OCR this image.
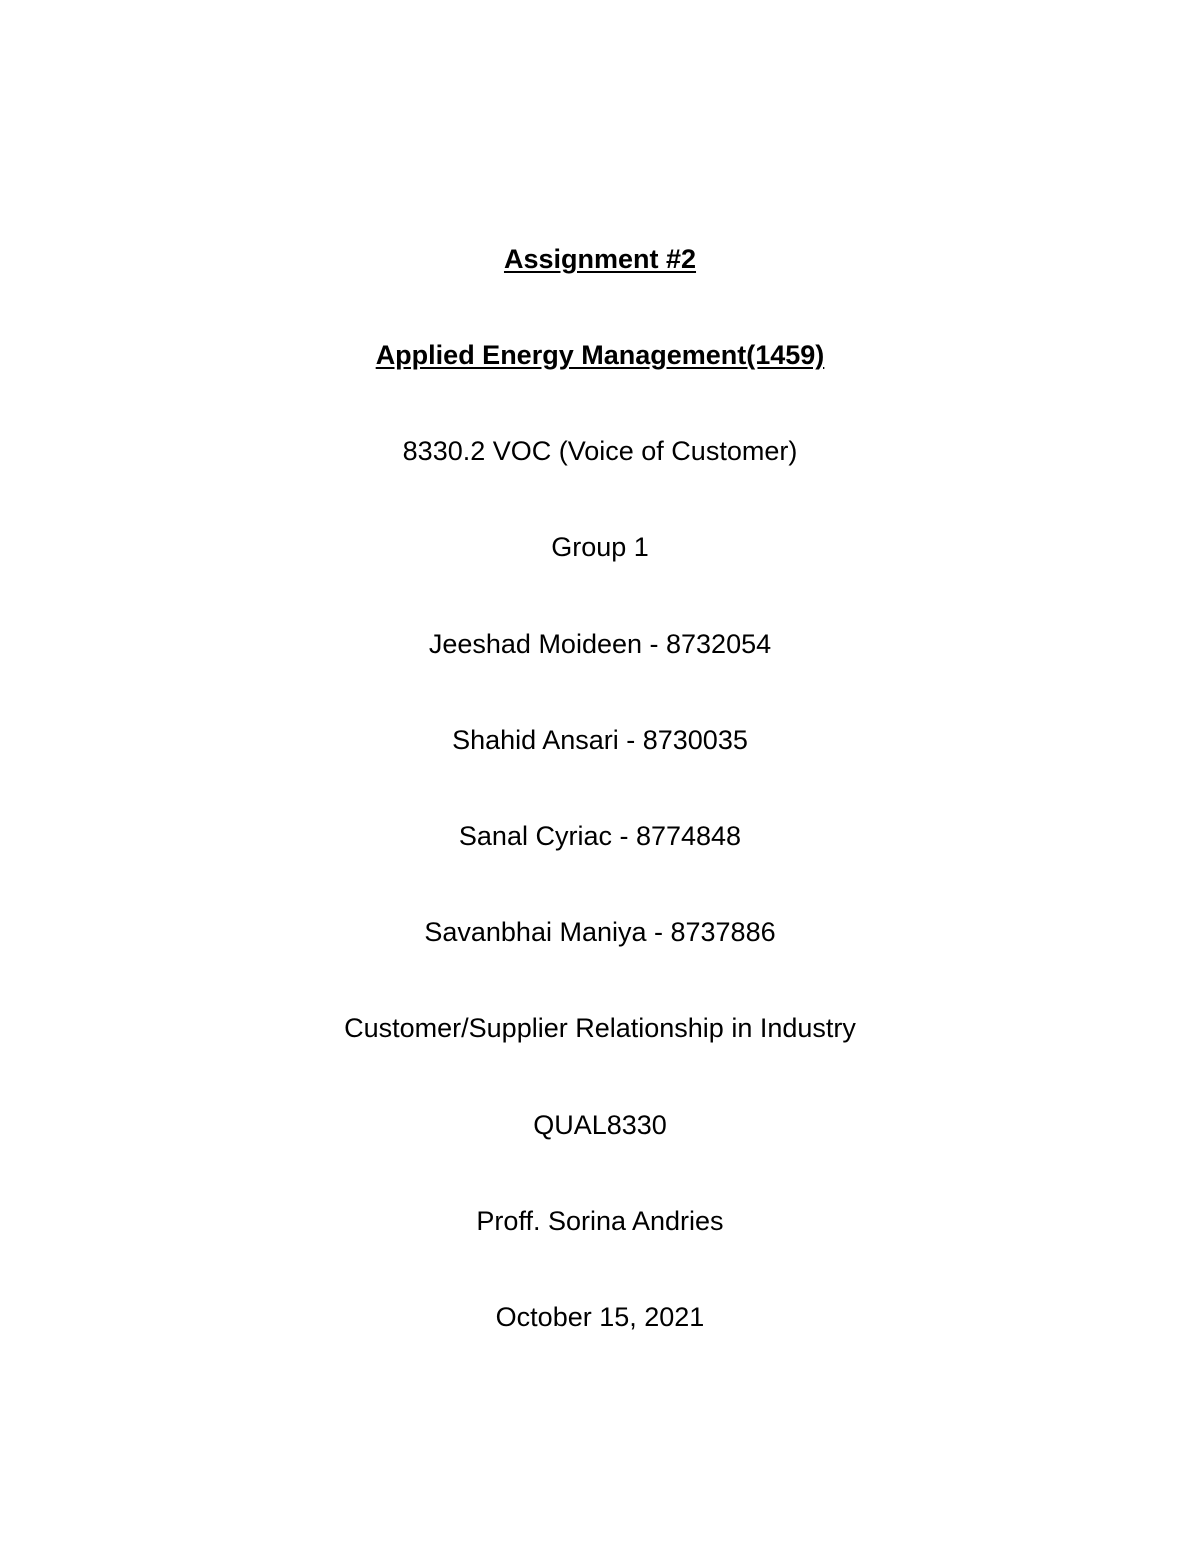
Assignment #2
Applied Energy Management(1459)
8330.2 VOC (Voice of Customer)
Group 1
Jeeshad Moideen - 8732054
Shahid Ansari - 8730035
Sanal Cyriac - 8774848
Savanbhai Maniya - 8737886
Customer/Supplier Relationship in Industry
QUAL8330
Proff. Sorina Andries
October 15, 2021
